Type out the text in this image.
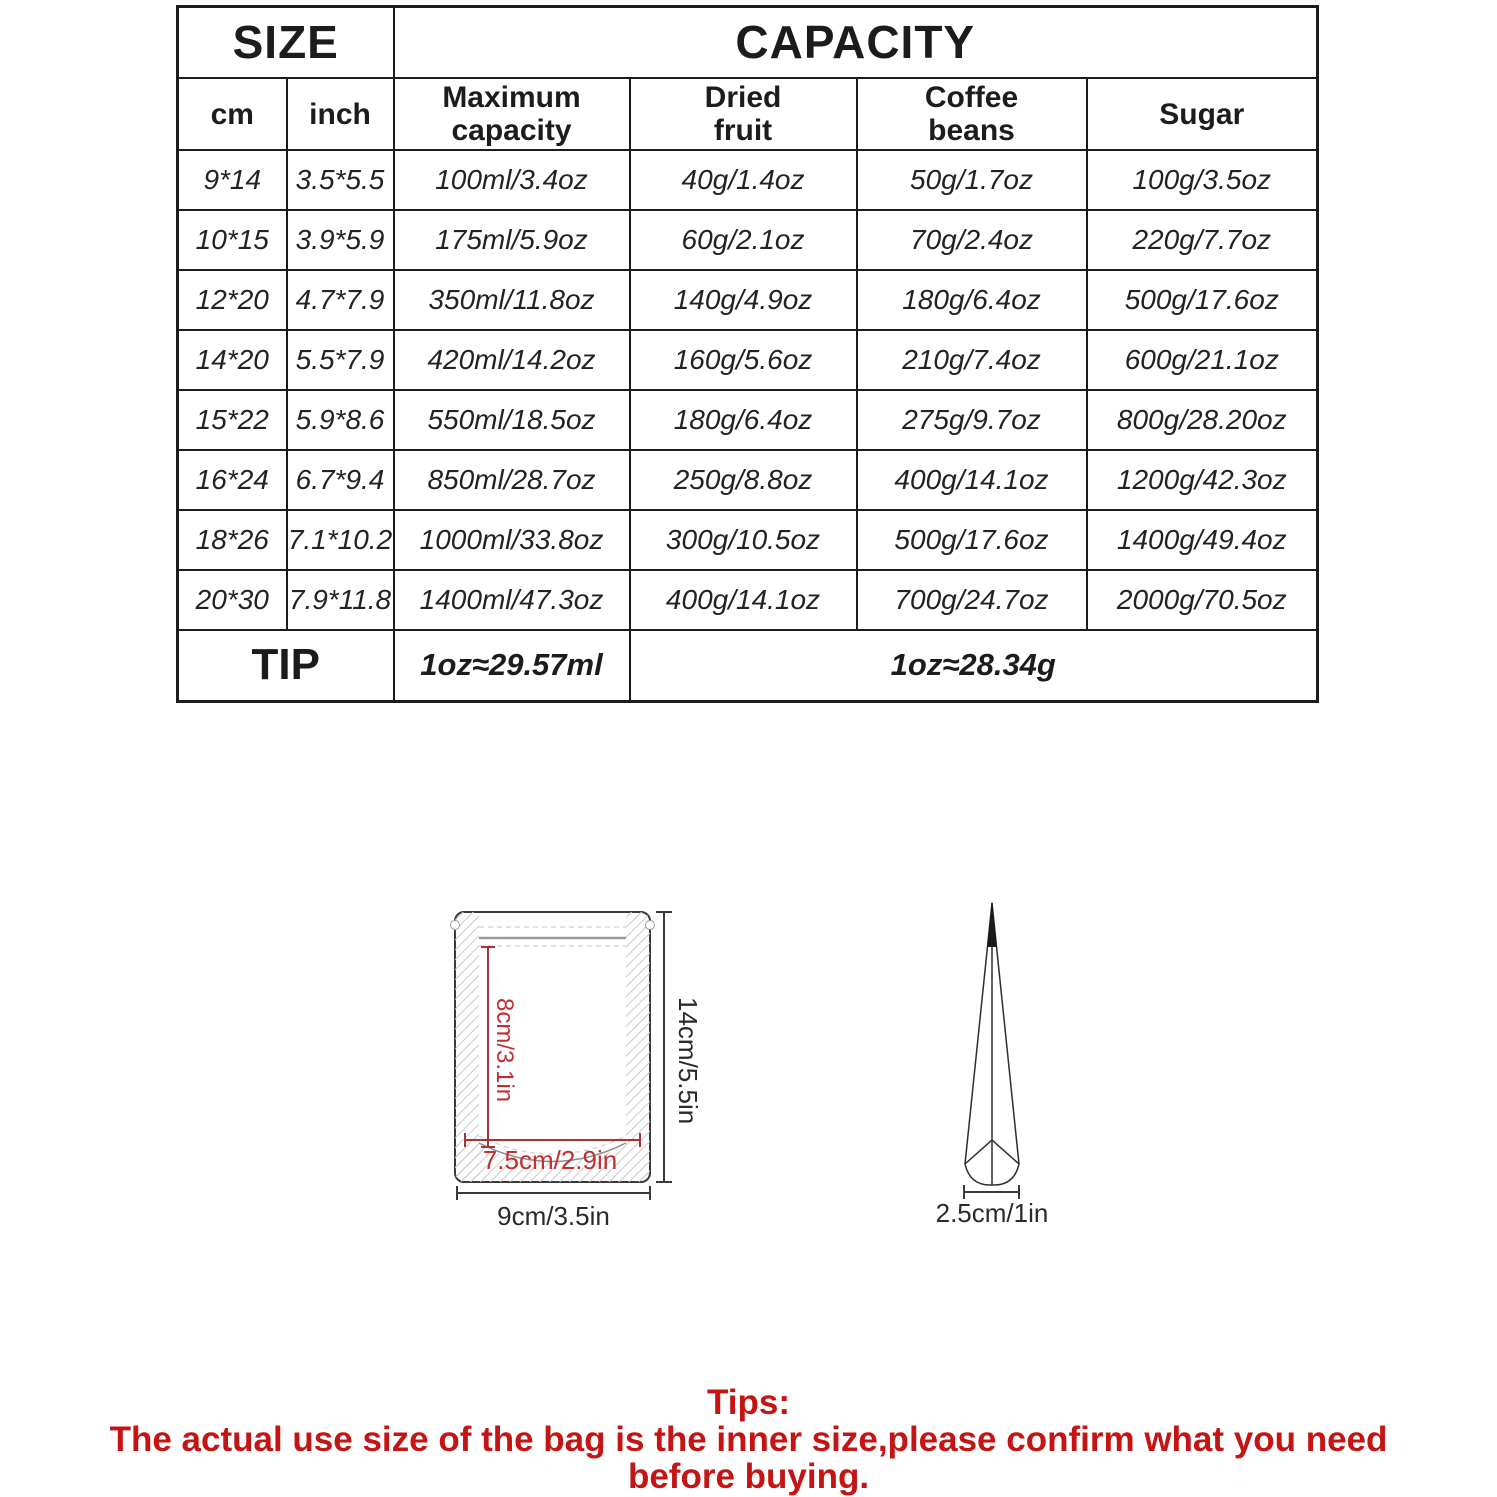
SIZE		CAPACITY			
cm	inch	Maximum capacity	Dried fruit	Coffee beans	Sugar
9*14	3.5*5.5	100ml/3.4oz	40g/1.4oz	50g/1.7oz	100g/3.5oz
10*15	3.9*5.9	175ml/5.9oz	60g/2.1oz	70g/2.4oz	220g/7.7oz
12*20	4.7*7.9	350ml/11.8oz	140g/4.9oz	180g/6.4oz	500g/17.6oz
14*20	5.5*7.9	420ml/14.2oz	160g/5.6oz	210g/7.4oz	600g/21.1oz
15*22	5.9*8.6	550ml/18.5oz	180g/6.4oz	275g/9.7oz	800g/28.20oz
16*24	6.7*9.4	850ml/28.7oz	250g/8.8oz	400g/14.1oz	1200g/42.3oz
18*26	7.1*10.2	1000ml/33.8oz	300g/10.5oz	500g/17.6oz	1400g/49.4oz
20*30	7.9*11.8	1400ml/47.3oz	400g/14.1oz	700g/24.7oz	2000g/70.5oz
TIP		1oz≈29.57ml	1oz≈28.34g		
8cm/3.1in
7.5cm/2.9in
14cm/5.5in
9cm/3.5in	2.5cm/1in
Tips:
The actual use size of the bag is the inner size,please confirm what you need
before buying.
